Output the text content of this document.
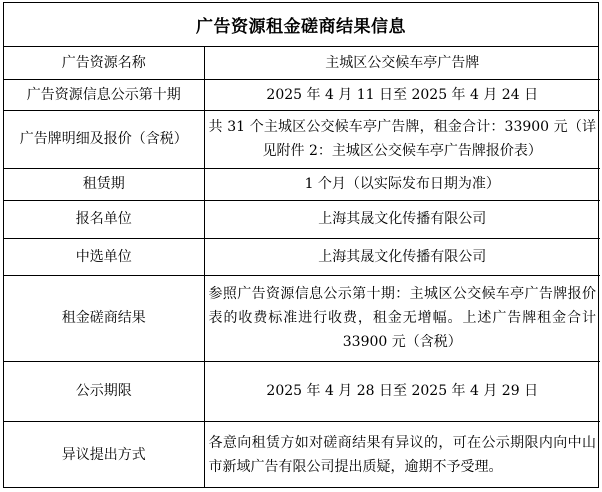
广告资源租金磋商结果信息
广告资源名称	主城区公交候车亭广告牌
广告资源信息公示第十期	2025 年 4 月 11 日至 2025 年 4 月 24 日
广告牌明细及报价（含税）	共 31 个主城区公交候车亭广告牌，租金合计：33900 元（详见附件 2：主城区公交候车亭广告牌报价表）
租赁期	1 个月（以实际发布日期为准）
报名单位	上海其晟文化传播有限公司
中选单位	上海其晟文化传播有限公司
租金磋商结果	参照广告资源信息公示第十期：主城区公交候车亭广告牌报价表的收费标准进行收费，租金无增幅。上述广告牌租金合计 33900 元（含税）
公示期限	2025 年 4 月 28 日至 2025 年 4 月 29 日
异议提出方式	各意向租赁方如对磋商结果有异议的，可在公示期限内向中山市新域广告有限公司提出质疑，逾期不予受理。
